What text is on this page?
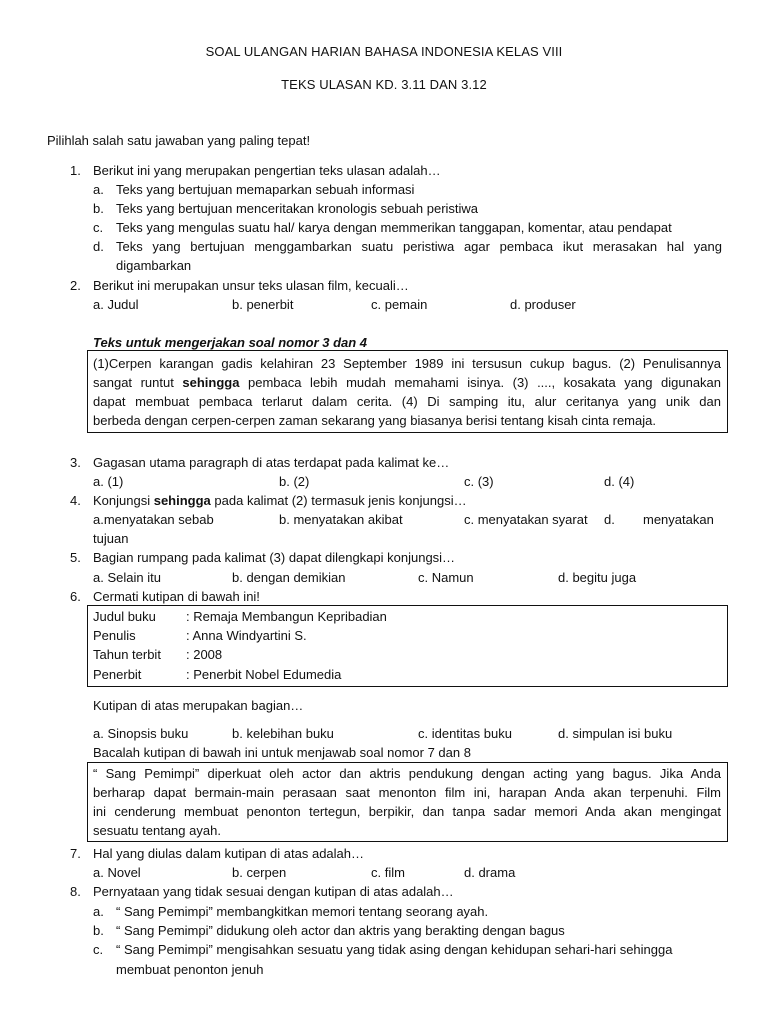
SOAL ULANGAN HARIAN BAHASA INDONESIA KELAS VIII
TEKS ULASAN KD. 3.11 DAN 3.12
Pilihlah salah satu jawaban yang paling tepat!
1. Berikut ini yang merupakan pengertian teks ulasan adalah…
a. Teks yang bertujuan memaparkan sebuah informasi
b. Teks yang bertujuan menceritakan kronologis sebuah peristiwa
c. Teks yang mengulas suatu hal/ karya dengan memmerikan tanggapan, komentar, atau pendapat
d. Teks yang bertujuan menggambarkan suatu peristiwa agar pembaca ikut merasakan hal yang
digambarkan
2. Berikut ini merupakan unsur teks ulasan film, kecuali…
a. Judul	b. penerbit	c. pemain	d. produser
Teks untuk mengerjakan soal nomor 3 dan 4
(1)Cerpen karangan gadis kelahiran 23 September 1989 ini tersusun cukup bagus. (2) Penulisannya
sangat runtut sehingga pembaca lebih mudah memahami isinya. (3) ...., kosakata yang digunakan
dapat membuat pembaca terlarut dalam cerita. (4) Di samping itu, alur ceritanya yang unik dan
berbeda dengan cerpen-cerpen zaman sekarang yang biasanya berisi tentang kisah cinta remaja.
3. Gagasan utama paragraph di atas terdapat pada kalimat ke…
a. (1)	b. (2)	c. (3)	d. (4)
4. Konjungsi sehingga pada kalimat (2) termasuk jenis konjungsi…
a.menyatakan sebab	b. menyatakan akibat	c. menyatakan syarat d. menyatakan
tujuan
5. Bagian rumpang pada kalimat (3) dapat dilengkapi konjungsi…
a. Selain itu	b. dengan demikian	c. Namun	d. begitu juga
6. Cermati kutipan di bawah ini!
Judul buku : Remaja Membangun Kepribadian
Penulis	: Anna Windyartini S.
Tahun terbit : 2008
Penerbit	: Penerbit Nobel Edumedia
Kutipan di atas merupakan bagian…
a. Sinopsis buku	b. kelebihan buku	c. identitas buku	d. simpulan isi buku
Bacalah kutipan di bawah ini untuk menjawab soal nomor 7 dan 8
“ Sang Pemimpi” diperkuat oleh actor dan aktris pendukung dengan acting yang bagus. Jika Anda
berharap dapat bermain-main perasaan saat menonton film ini, harapan Anda akan terpenuhi. Film
ini cenderung membuat penonton tertegun, berpikir, dan tanpa sadar memori Anda akan mengingat
sesuatu tentang ayah.
7. Hal yang diulas dalam kutipan di atas adalah…
a. Novel	b. cerpen	c. film	d. drama
8. Pernyataan yang tidak sesuai dengan kutipan di atas adalah…
a. “ Sang Pemimpi” membangkitkan memori tentang seorang ayah.
b. “ Sang Pemimpi” didukung oleh actor dan aktris yang berakting dengan bagus
c. “ Sang Pemimpi” mengisahkan sesuatu yang tidak asing dengan kehidupan sehari-hari sehingga
membuat penonton jenuh
